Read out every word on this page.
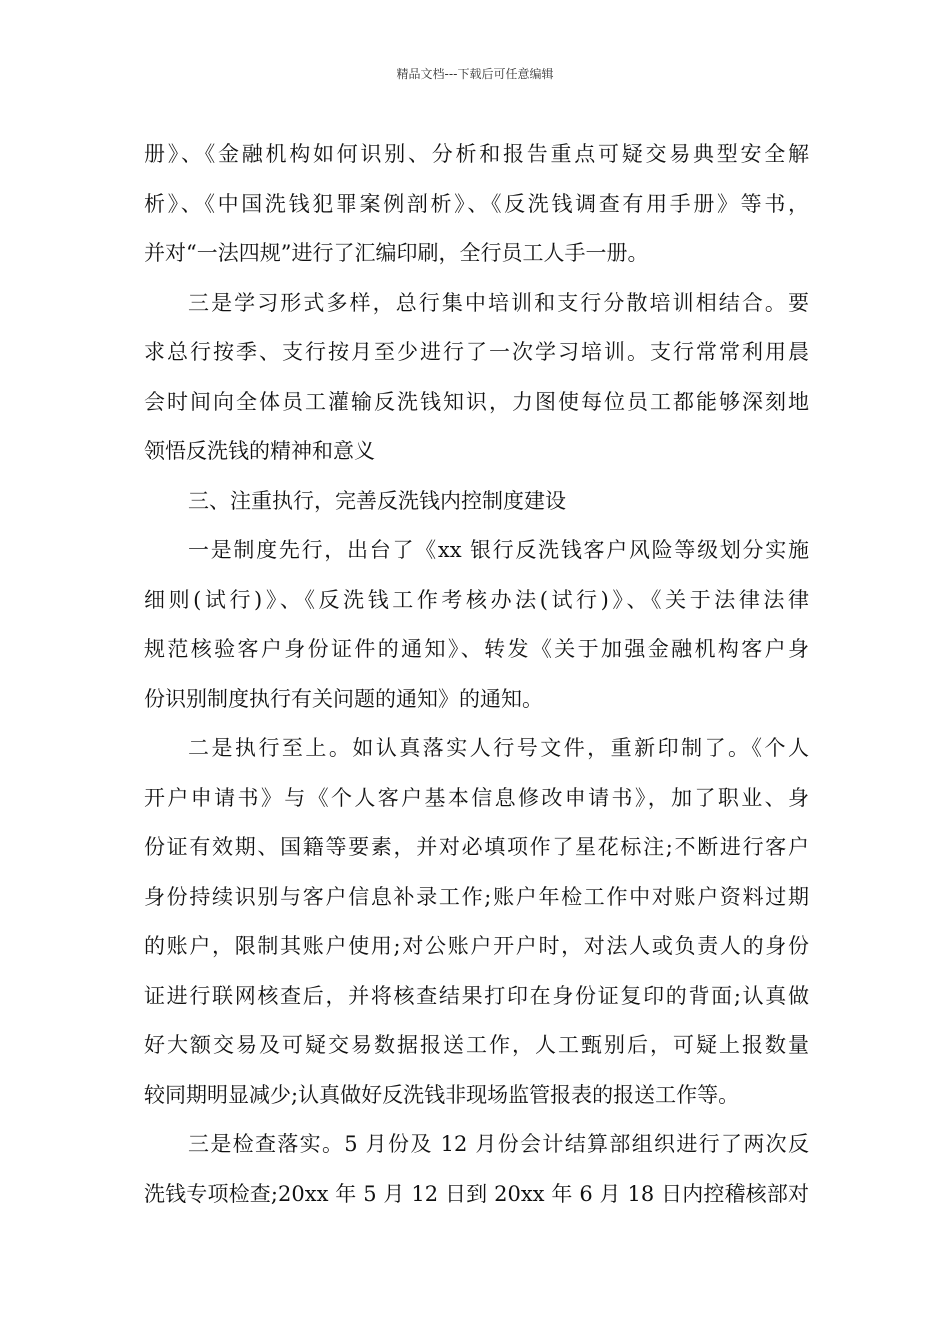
精品文档---下载后可任意编辑
册》、《金融机构如何识别、分析和报告重点可疑交易典型安全解
析》、《中国洗钱犯罪案例剖析》、《反洗钱调查有用手册》等书，
并对“一法四规”进行了汇编印刷，全行员工人手一册。
三是学习形式多样，总行集中培训和支行分散培训相结合。要
求总行按季、支行按月至少进行了一次学习培训。支行常常利用晨
会时间向全体员工灌输反洗钱知识，力图使每位员工都能够深刻地
领悟反洗钱的精神和意义
三、注重执行，完善反洗钱内控制度建设
一是制度先行，出台了《xx 银行反洗钱客户风险等级划分实施
细则(试行)》、《反洗钱工作考核办法(试行)》、《关于法律法律
规范核验客户身份证件的通知》、转发《关于加强金融机构客户身
份识别制度执行有关问题的通知》的通知。
二是执行至上。如认真落实人行号文件，重新印制了。《个人
开户申请书》与《个人客户基本信息修改申请书》，加了职业、身
份证有效期、国籍等要素，并对必填项作了星花标注;不断进行客户
身份持续识别与客户信息补录工作;账户年检工作中对账户资料过期
的账户，限制其账户使用;对公账户开户时，对法人或负责人的身份
证进行联网核查后，并将核查结果打印在身份证复印的背面;认真做
好大额交易及可疑交易数据报送工作，人工甄别后，可疑上报数量
较同期明显减少;认真做好反洗钱非现场监管报表的报送工作等。
三是检查落实。5 月份及 12 月份会计结算部组织进行了两次反
洗钱专项检查;20xx 年 5 月 12 日到 20xx 年 6 月 18 日内控稽核部对
